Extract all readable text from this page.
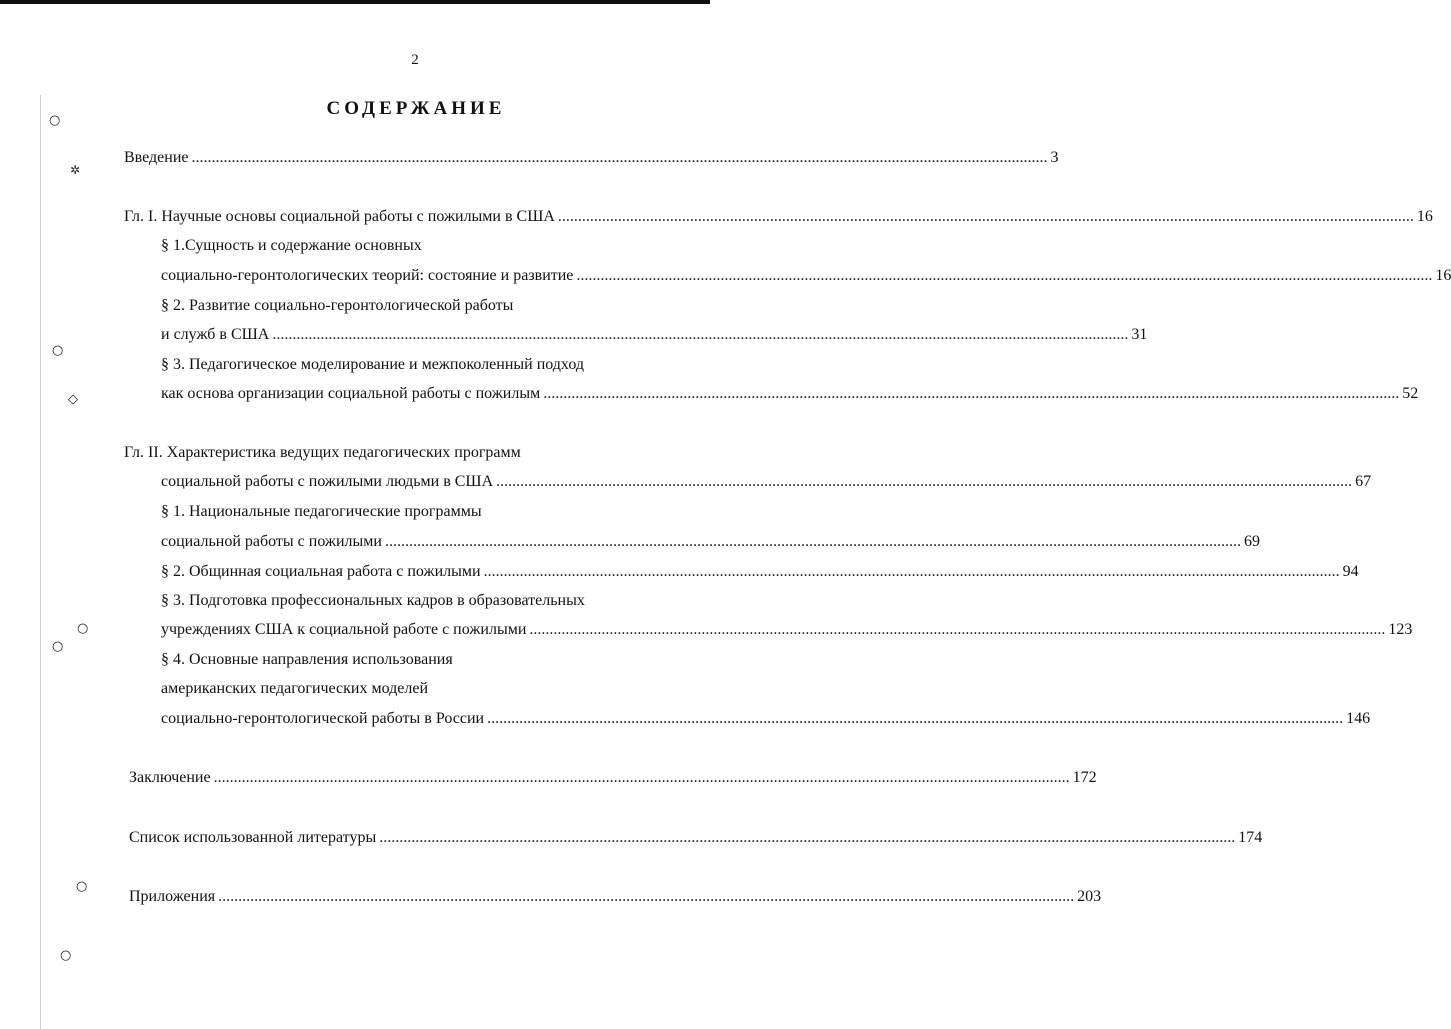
2
СОДЕРЖАНИЕ
○
✲
○
◇
○
○
○
○
Введение ...................................................................................................................................................................................................................... 3
Гл. I. Научные основы социальной работы с пожилыми в США ...................................................................................................................................................................................................................... 16
§ 1.Сущность и содержание основных
социально-геронтологических теорий: состояние и развитие ...................................................................................................................................................................................................................... 16
§ 2. Развитие социально-геронтологической работы
и служб в США ...................................................................................................................................................................................................................... 31
§ 3. Педагогическое моделирование и межпоколенный подход
как основа организации социальной работы с пожилым ...................................................................................................................................................................................................................... 52
Гл. II. Характеристика ведущих педагогических программ
социальной работы с пожилыми людьми в США ...................................................................................................................................................................................................................... 67
§ 1. Национальные педагогические программы
социальной работы с пожилыми ...................................................................................................................................................................................................................... 69
§ 2. Общинная социальная работа с пожилыми ...................................................................................................................................................................................................................... 94
§ 3. Подготовка профессиональных кадров в образовательных
учреждениях США к социальной работе с пожилыми ...................................................................................................................................................................................................................... 123
§ 4. Основные направления использования
американских педагогических моделей
социально-геронтологической работы в России ...................................................................................................................................................................................................................... 146
Заключение ...................................................................................................................................................................................................................... 172
Список использованной литературы ...................................................................................................................................................................................................................... 174
Приложения ...................................................................................................................................................................................................................... 203
